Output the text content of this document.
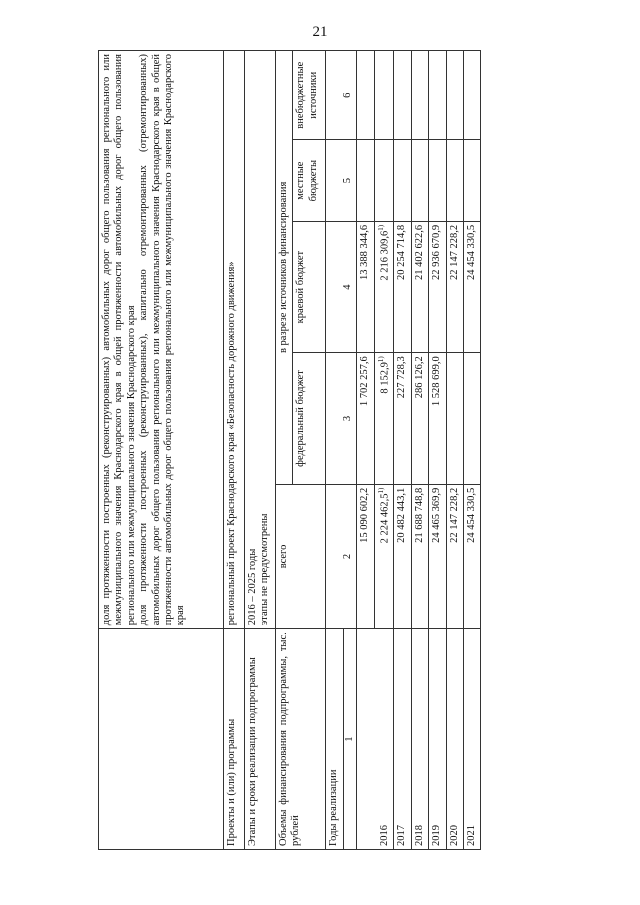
21

	доля протяженности построенных (реконструированных) автомобильных дорог общего пользования регионального или межмуниципального значения Краснодарского края в общей протяженности автомобильных дорог общего пользования регионального или межмуниципального значения Краснодарского края доля протяженности построенных (реконструированных), капитально отремонтированных (отремонтированных) автомобильных дорог общего пользования регионального или межмуниципального значения Краснодарского края в общей протяженности автомобильных дорог общего пользования регионального или межмуниципального значения Краснодарского края				

Проекты и (или) программы	региональный проект Краснодарского края «Безопасность дорожного движения»				
Этапы и сроки реализации подпрограммы	2016 – 2025 годы этапы не предусмотрены				

Объемы финансирования подпрограммы, тыс. рублей	всего	в разрезе источников финансирования			
		федеральный бюджет	краевой бюджет	местные бюджеты	внебюджетные источники

Годы реализации
1	2	3	4	5	6
2016	15 090 602,2	1 702 257,6	13 388 344,6		
	2 224 462,5$^{1)}$	8 152,9$^{1)}$	2 216 309,6$^{1)}$		
2017	20 482 443,1	227 728,3	20 254 714,8		
2018	21 688 748,8	286 126,2	21 402 622,6		
2019	24 465 369,9	1 528 699,0	22 936 670,9		
2020	22 147 228,2		22 147 228,2		
2021	24 454 330,5		24 454 330,5		
